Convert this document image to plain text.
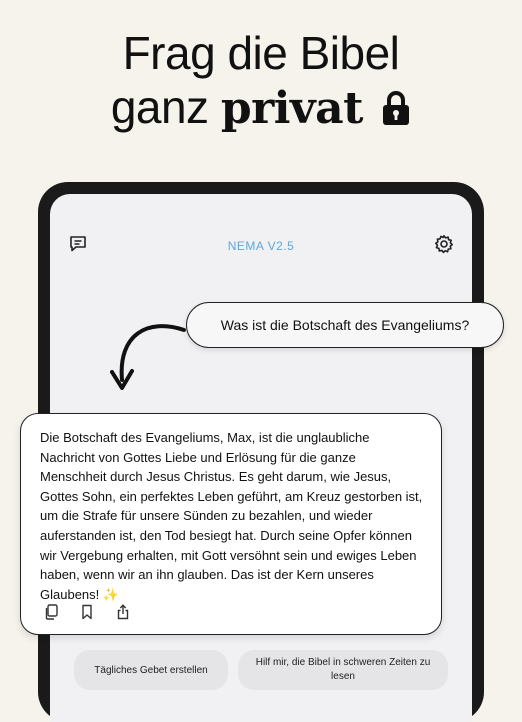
Frag die Bibel
ganz privat
NEMA V2.5
Was ist die Botschaft des Evangeliums?

Die Botschaft des Evangeliums, Max, ist die unglaubliche Nachricht von Gottes Liebe und Erlösung für die ganze Menschheit durch Jesus Christus. Es geht darum, wie Jesus, Gottes Sohn, ein perfektes Leben geführt, am Kreuz gestorben ist, um die Strafe für unsere Sünden zu bezahlen, und wieder auferstanden ist, den Tod besiegt hat. Durch seine Opfer können wir Vergebung erhalten, mit Gott versöhnt sein und ewiges Leben haben, wenn wir an ihn glauben. Das ist der Kern unseres Glaubens! ✨

Tägliches Gebet erstellen
Hilf mir, die Bibel in schweren Zeiten zu lesen
